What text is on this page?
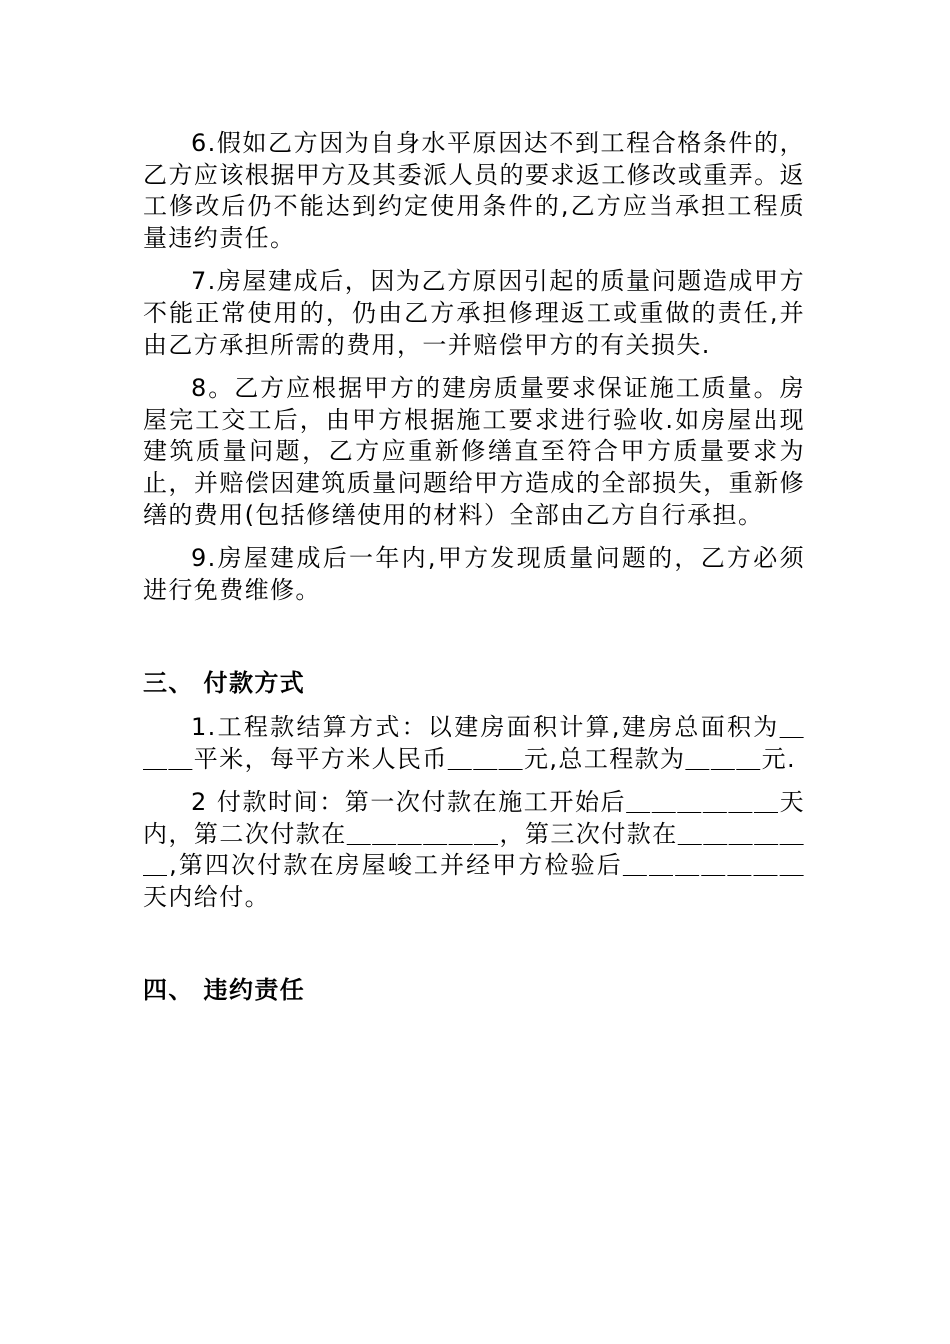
6.假如乙方因为自身水平原因达不到工程合格条件的，乙方应该根据甲方及其委派人员的要求返工修改或重弄。返工修改后仍不能达到约定使用条件的,乙方应当承担工程质量违约责任。

7.房屋建成后，因为乙方原因引起的质量问题造成甲方不能正常使用的，仍由乙方承担修理返工或重做的责任,并由乙方承担所需的费用，一并赔偿甲方的有关损失.

8。乙方应根据甲方的建房质量要求保证施工质量。房屋完工交工后，由甲方根据施工要求进行验收.如房屋出现建筑质量问题，乙方应重新修缮直至符合甲方质量要求为止，并赔偿因建筑质量问题给甲方造成的全部损失，重新修缮的费用(包括修缮使用的材料）全部由乙方自行承担。

9.房屋建成后一年内,甲方发现质量问题的，乙方必须进行免费维修。

三、 付款方式

1.工程款结算方式：以建房面积计算,建房总面积为＿＿＿平米，每平方米人民币＿＿＿元,总工程款为＿＿＿元.

2 付款时间：第一次付款在施工开始后＿＿＿＿＿＿天内，第二次付款在＿＿＿＿＿＿，第三次付款在＿＿＿＿＿＿,第四次付款在房屋峻工并经甲方检验后＿＿＿＿＿＿＿天内给付。

四、 违约责任
